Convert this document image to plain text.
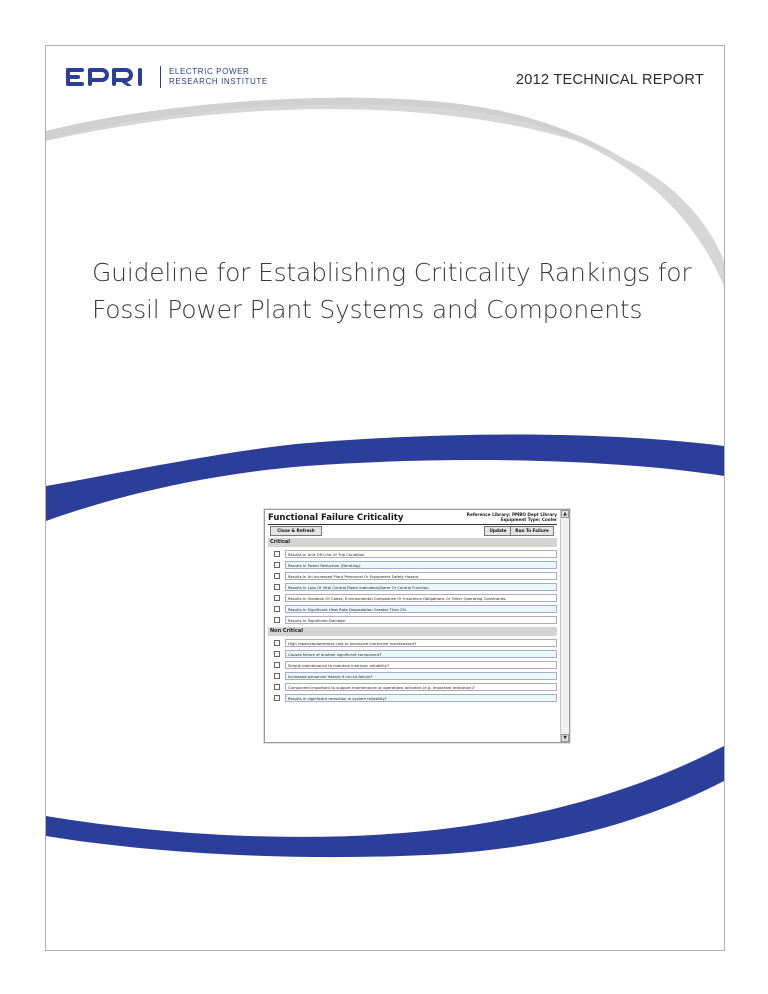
ELECTRIC POWER
RESEARCH INSTITUTE	2012 TECHNICAL REPORT
Guideline for Establishing Criticality Rankings for
Fossil Power Plant Systems and Components
Functional Failure Criticality	Reference Library: PMBO Dept Library
Equipment Type: Cooler
Close & Refresh	Update	Run To Failure
Critical
Results In Unit Off Line Or Trip Condition.
Results In Power Reduction (Derating).
Results In An Increased Plant Personnel Or Equipment Safety Hazard.
Results In Loss Of Vital Control Room Indication/Alarm Or Control Function.
Results In Violation Of Codes, Environmental Compliance Or Insurance Obligations Or Other Operating Constraints.
Results In Significant Heat Rate Degradation Greater Than 2%.
Results In Significant Damage.
Non Critical
High repair/replacement cost or excessive corrective maintenance?
Causes failure of another significant component?
Simple maintenance to maintain instrinsic reliability?
Increased personnel hazard if run-to-failure?
Component important to support maintenance or operations activities (e.g. important indication)?
Results in significant reduction in system reliability?
▲
▼
